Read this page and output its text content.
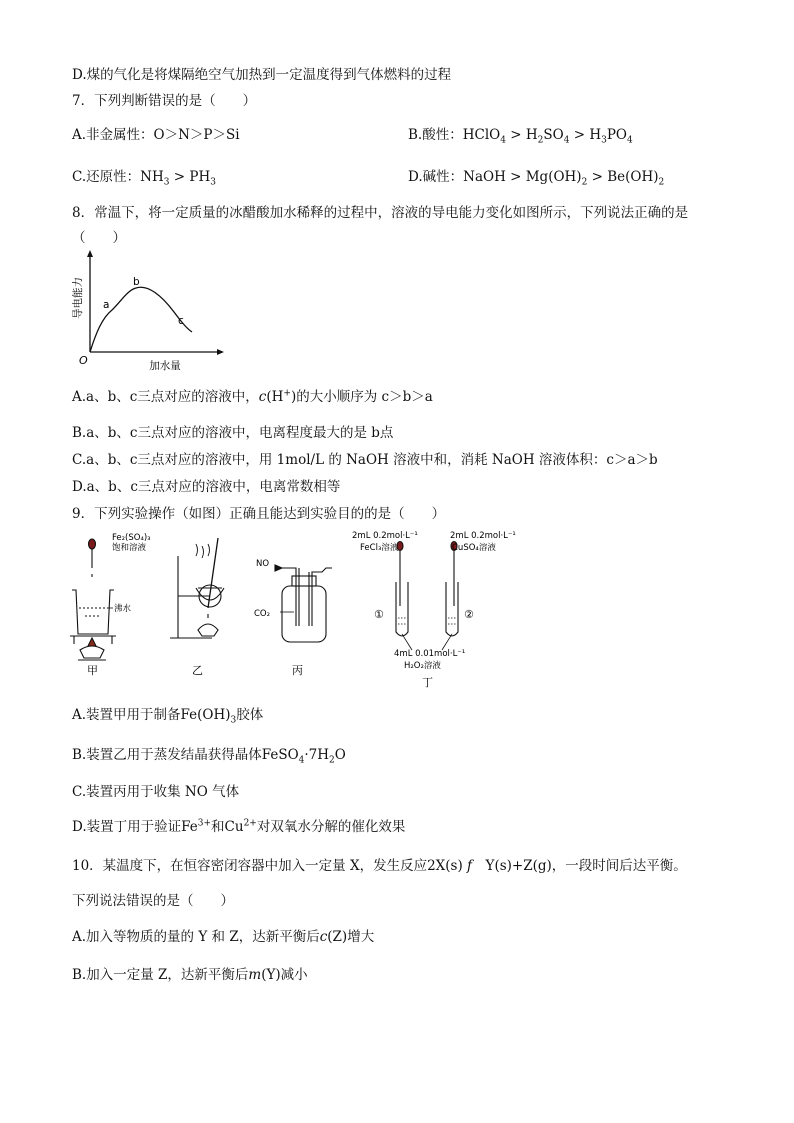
D.煤的气化是将煤隔绝空气加热到一定温度得到气体燃料的过程
7．下列判断错误的是（　　）
A.非金属性：O＞N＞P＞Si	B.酸性：HClO$_4$ > $H_2SO_4 > H_3PO_4$
C.还原性：$NH_3 > PH_3$	D.碱性：NaOH > $Mg(OH)_2 > Be(OH)_2$
8．常温下，将一定质量的冰醋酸加水稀释的过程中，溶液的导电能力变化如图所示，下列说法正确的是
（　　）
导电能力
加水量
O
a
b
c
A.a、b、c三点对应的溶液中，c(H+)的大小顺序为 c＞b＞a
B.a、b、c三点对应的溶液中，电离程度最大的是 b点
C.a、b、c三点对应的溶液中，用 1mol/L 的 NaOH 溶液中和，消耗 NaOH 溶液体积：c＞a＞b
D.a、b、c三点对应的溶液中，电离常数相等
9．下列实验操作（如图）正确且能达到实验目的的是（　　）
Fe₂(SO₄)₃
饱和溶液
沸水
甲	乙
NO
CO₂
丙
2mL 0.2mol·L⁻¹
FeCl₃溶液
2mL 0.2mol·L⁻¹
CuSO₄溶液
①	②
4mL 0.01mol·L⁻¹
H₂O₂溶液
丁
A.装置甲用于制备$Fe(OH)_3$胶体
B.装置乙用于蒸发结晶获得晶体$FeSO_4\cdot 7H_2O$
C.装置丙用于收集 NO 气体
D.装置丁用于验证$Fe^{3+}$和$Cu^{2+}$对双氧水分解的催化效果
10．某温度下，在恒容密闭容器中加入一定量 X，发生反应2X(s) f　Y(s)+Z(g)，一段时间后达平衡。
下列说法错误的是（　　）
A.加入等物质的量的 Y 和 Z，达新平衡后c(Z)增大
B.加入一定量 Z，达新平衡后m(Y)减小
